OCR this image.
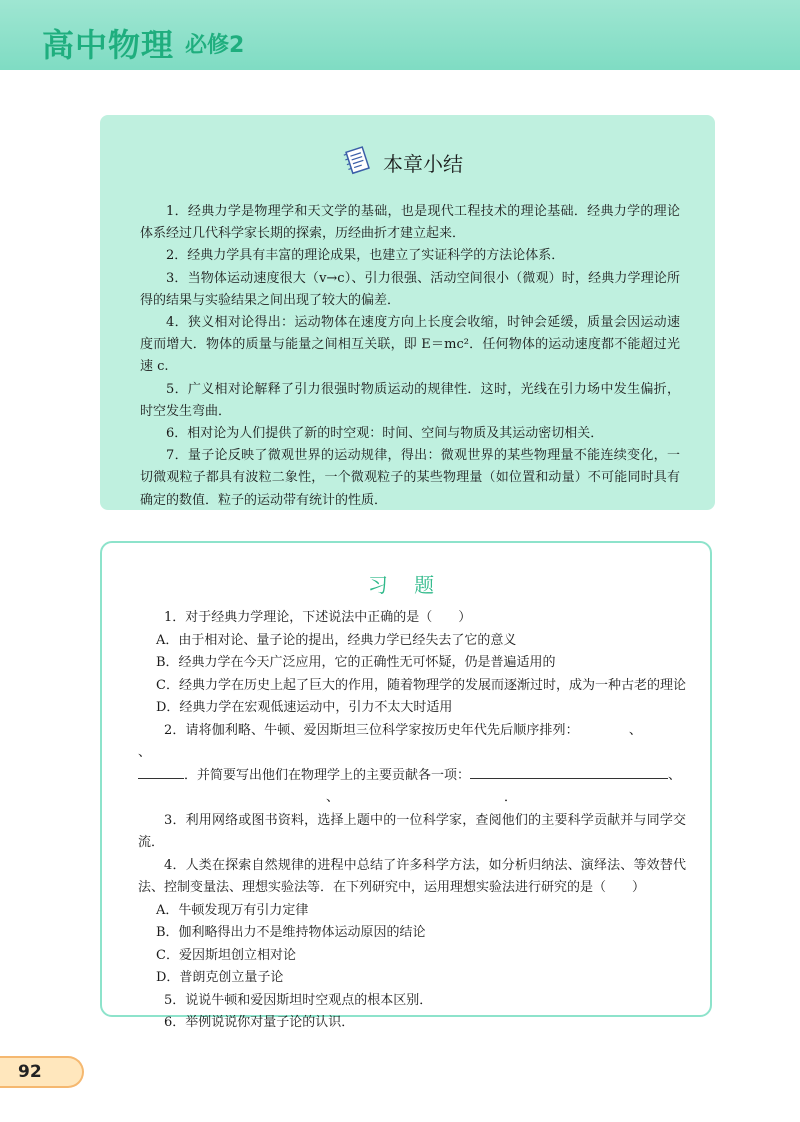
高中物理 必修2
本章小结

1．经典力学是物理学和天文学的基础，也是现代工程技术的理论基础．经典力学的理论体系经过几代科学家长期的探索，历经曲折才建立起来．

2．经典力学具有丰富的理论成果，也建立了实证科学的方法论体系．

3．当物体运动速度很大（v→c）、引力很强、活动空间很小（微观）时，经典力学理论所得的结果与实验结果之间出现了较大的偏差．

4．狭义相对论得出：运动物体在速度方向上长度会收缩，时钟会延缓，质量会因运动速度而增大．物体的质量与能量之间相互关联，即 E＝mc²．任何物体的运动速度都不能超过光速 c.

5．广义相对论解释了引力很强时物质运动的规律性．这时，光线在引力场中发生偏折，时空发生弯曲．

6．相对论为人们提供了新的时空观：时间、空间与物质及其运动密切相关．

7．量子论反映了微观世界的运动规律，得出：微观世界的某些物理量不能连续变化，一切微观粒子都具有波粒二象性，一个微观粒子的某些物理量（如位置和动量）不可能同时具有确定的数值．粒子的运动带有统计的性质．

习 题

1．对于经典力学理论，下述说法中正确的是（　　）

A．由于相对论、量子论的提出，经典力学已经失去了它的意义

B．经典力学在今天广泛应用，它的正确性无可怀疑，仍是普遍适用的

C．经典力学在历史上起了巨大的作用，随着物理学的发展而逐渐过时，成为一种古老的理论

D．经典力学在宏观低速运动中，引力不太大时适用

2．请将伽利略、牛顿、爱因斯坦三位科学家按历史年代先后顺序排列：	、、

．并简要写出他们在物理学上的主要贡献各一项：	、

、	．

3．利用网络或图书资料，选择上题中的一位科学家，查阅他们的主要科学贡献并与同学交流．

4．人类在探索自然规律的进程中总结了许多科学方法，如分析归纳法、演绎法、等效替代法、控制变量法、理想实验法等．在下列研究中，运用理想实验法进行研究的是（　　）

A．牛顿发现万有引力定律

B．伽利略得出力不是维持物体运动原因的结论

C．爱因斯坦创立相对论

D．普朗克创立量子论

5．说说牛顿和爱因斯坦时空观点的根本区别．

6．举例说说你对量子论的认识．

92
